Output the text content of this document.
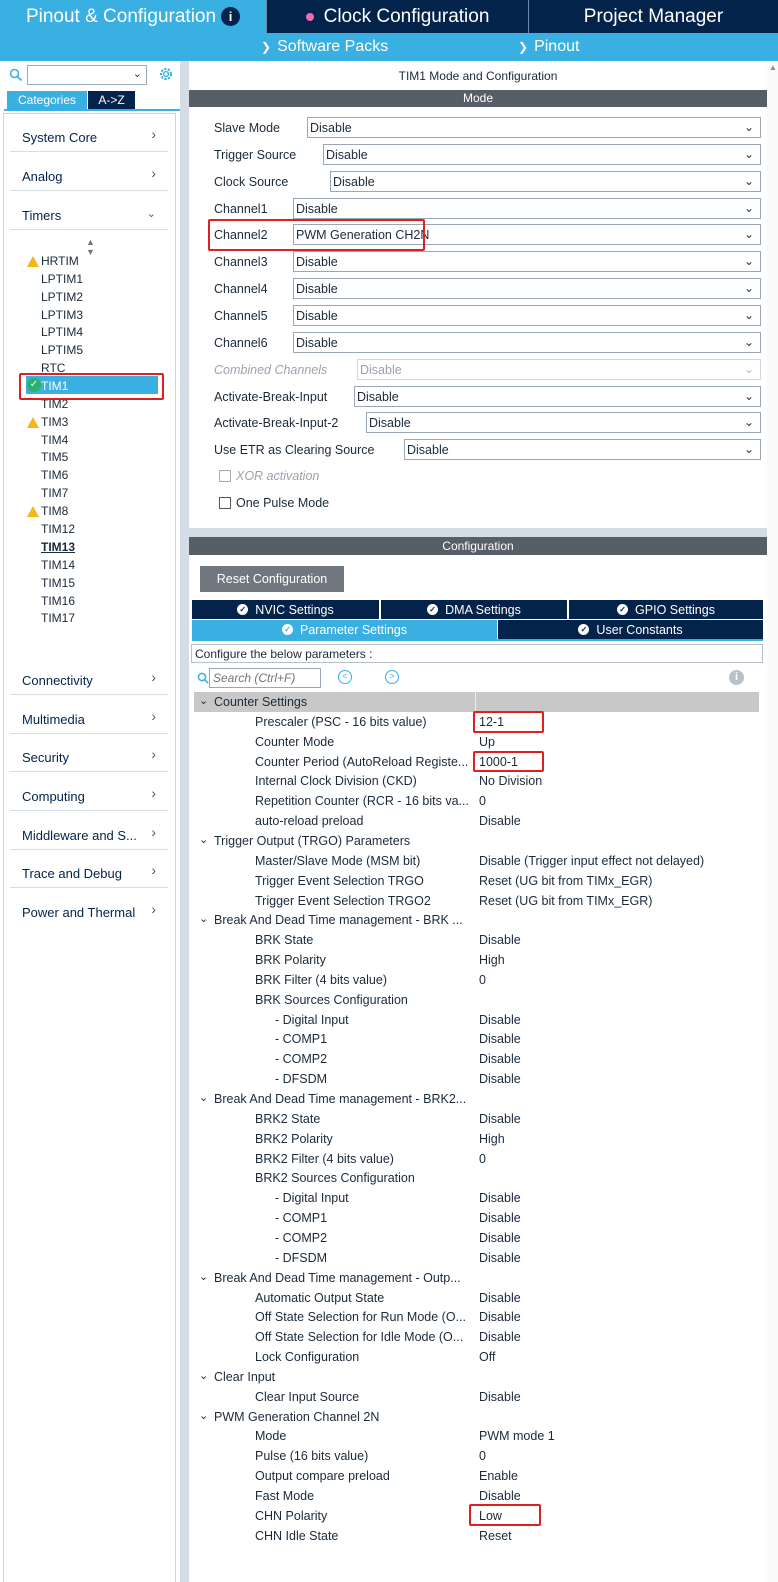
Pinout & Configuration i	Clock Configuration	Project Manager
❯ Software Packs	❯ Pinout
⌄
Categories	A->Z
System Core	›
Analog	›
Timers	⌄
▲
▼
HRTIM
LPTIM1
LPTIM2
LPTIM3
LPTIM4
LPTIM5
RTC
✓ TIM1
TIM2
TIM3
TIM4
TIM5
TIM6
TIM7
TIM8
TIM12
TIM13
TIM14
TIM15
TIM16
TIM17
Connectivity	›
Multimedia	›
Security	›
Computing	›
Middleware and S... ›
Trace and Debug ›
Power and Thermal ›
TIM1 Mode and Configuration
Mode
Slave Mode	Disable	⌄
Trigger Source	Disable	⌄
Clock Source	Disable	⌄
Channel1	Disable	⌄
Channel2	PWM Generation CH2N	⌄
Channel3	Disable	⌄
Channel4	Disable	⌄
Channel5	Disable	⌄
Channel6	Disable	⌄
Combined Channels	Disable	⌄
Activate-Break-Input	Disable	⌄
Activate-Break-Input-2	Disable	⌄
Use ETR as Clearing Source	Disable	⌄
XOR activation
One Pulse Mode
Configuration
Reset Configuration
✓ NVIC Settings	✓ DMA Settings	✓ GPIO Settings
✓ Parameter Settings	✓ User Constants
Configure the below parameters :
Search (Ctrl+F)
<	>	i
⌄ Counter Settings
Prescaler (PSC - 16 bits value)	12-1
Counter Mode	Up
Counter Period (AutoReload Registe... 1000-1
Internal Clock Division (CKD)	No Division
Repetition Counter (RCR - 16 bits va... 0
auto-reload preload	Disable
⌄ Trigger Output (TRGO) Parameters
Master/Slave Mode (MSM bit)	Disable (Trigger input effect not delayed)
Trigger Event Selection TRGO	Reset (UG bit from TIMx_EGR)
Trigger Event Selection TRGO2	Reset (UG bit from TIMx_EGR)
⌄ Break And Dead Time management - BRK ...
BRK State	Disable
BRK Polarity	High
BRK Filter (4 bits value)	0
BRK Sources Configuration
- Digital Input	Disable
- COMP1	Disable
- COMP2	Disable
- DFSDM	Disable
⌄ Break And Dead Time management - BRK2...
BRK2 State	Disable
BRK2 Polarity	High
BRK2 Filter (4 bits value)	0
BRK2 Sources Configuration
- Digital Input	Disable
- COMP1	Disable
- COMP2	Disable
- DFSDM	Disable
⌄ Break And Dead Time management - Outp...
Automatic Output State	Disable
Off State Selection for Run Mode (O... Disable
Off State Selection for Idle Mode (O... Disable
Lock Configuration	Off
⌄ Clear Input
Clear Input Source	Disable
⌄ PWM Generation Channel 2N
Mode	PWM mode 1
Pulse (16 bits value)	0
Output compare preload	Enable
Fast Mode	Disable
CHN Polarity	Low
CHN Idle State	Reset
▲
